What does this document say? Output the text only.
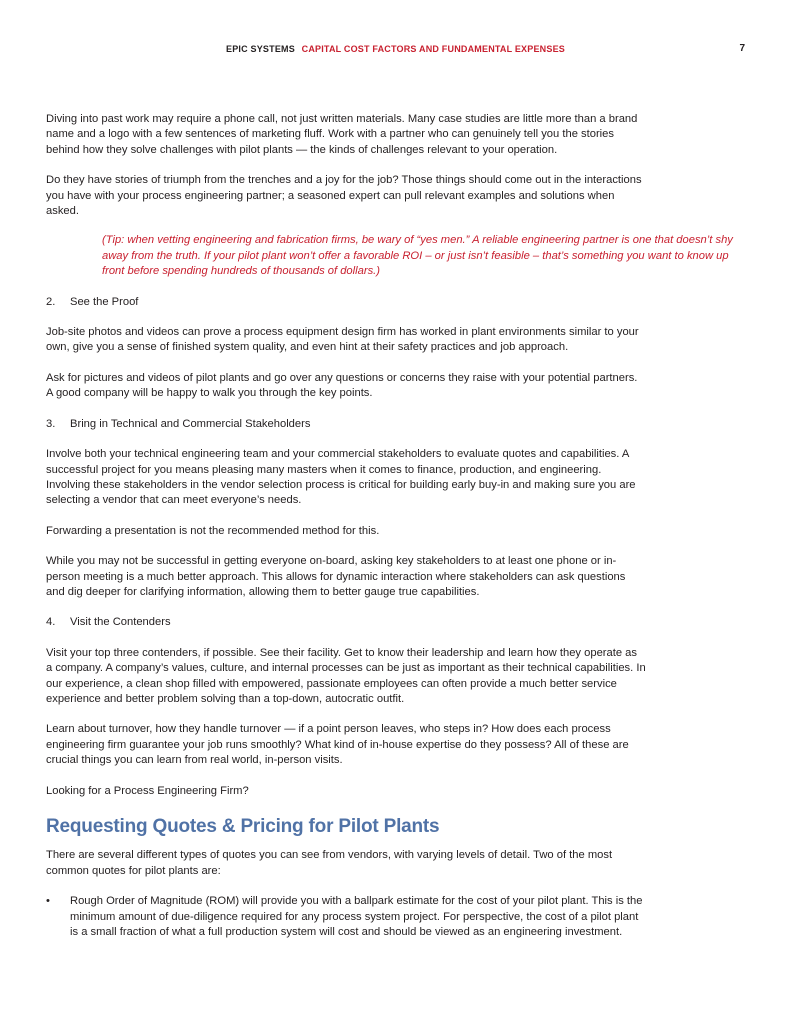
EPIC SYSTEMS CAPITAL COST FACTORS AND FUNDAMENTAL EXPENSES	7

Diving into past work may require a phone call, not just written materials. Many case studies are little more than a brand name and a logo with a few sentences of marketing fluff. Work with a partner who can genuinely tell you the stories behind how they solve challenges with pilot plants — the kinds of challenges relevant to your operation.

Do they have stories of triumph from the trenches and a joy for the job? Those things should come out in the interactions you have with your process engineering partner; a seasoned expert can pull relevant examples and solutions when asked.

(Tip: when vetting engineering and fabrication firms, be wary of “yes men.” A reliable engineering partner is one that doesn’t shy away from the truth. If your pilot plant won’t offer a favorable ROI – or just isn’t feasible – that’s something you want to know up front before spending hundreds of thousands of dollars.)

2. See the Proof

Job-site photos and videos can prove a process equipment design firm has worked in plant environments similar to your own, give you a sense of finished system quality, and even hint at their safety practices and job approach.

Ask for pictures and videos of pilot plants and go over any questions or concerns they raise with your potential partners. A good company will be happy to walk you through the key points.

3. Bring in Technical and Commercial Stakeholders

Involve both your technical engineering team and your commercial stakeholders to evaluate quotes and capabilities. A successful project for you means pleasing many masters when it comes to finance, production, and engineering. Involving these stakeholders in the vendor selection process is critical for building early buy-in and making sure you are selecting a vendor that can meet everyone’s needs.

Forwarding a presentation is not the recommended method for this.

While you may not be successful in getting everyone on-board, asking key stakeholders to at least one phone or in-person meeting is a much better approach. This allows for dynamic interaction where stakeholders can ask questions and dig deeper for clarifying information, allowing them to better gauge true capabilities.

4. Visit the Contenders

Visit your top three contenders, if possible. See their facility. Get to know their leadership and learn how they operate as a company. A company’s values, culture, and internal processes can be just as important as their technical capabilities. In our experience, a clean shop filled with empowered, passionate employees can often provide a much better service experience and better problem solving than a top-down, autocratic outfit.

Learn about turnover, how they handle turnover — if a point person leaves, who steps in? How does each process engineering firm guarantee your job runs smoothly? What kind of in-house expertise do they possess? All of these are crucial things you can learn from real world, in-person visits.

Looking for a Process Engineering Firm?

Requesting Quotes & Pricing for Pilot Plants

There are several different types of quotes you can see from vendors, with varying levels of detail. Two of the most common quotes for pilot plants are:

• Rough Order of Magnitude (ROM) will provide you with a ballpark estimate for the cost of your pilot plant. This is the minimum amount of due-diligence required for any process system project. For perspective, the cost of a pilot plant is a small fraction of what a full production system will cost and should be viewed as an engineering investment.
